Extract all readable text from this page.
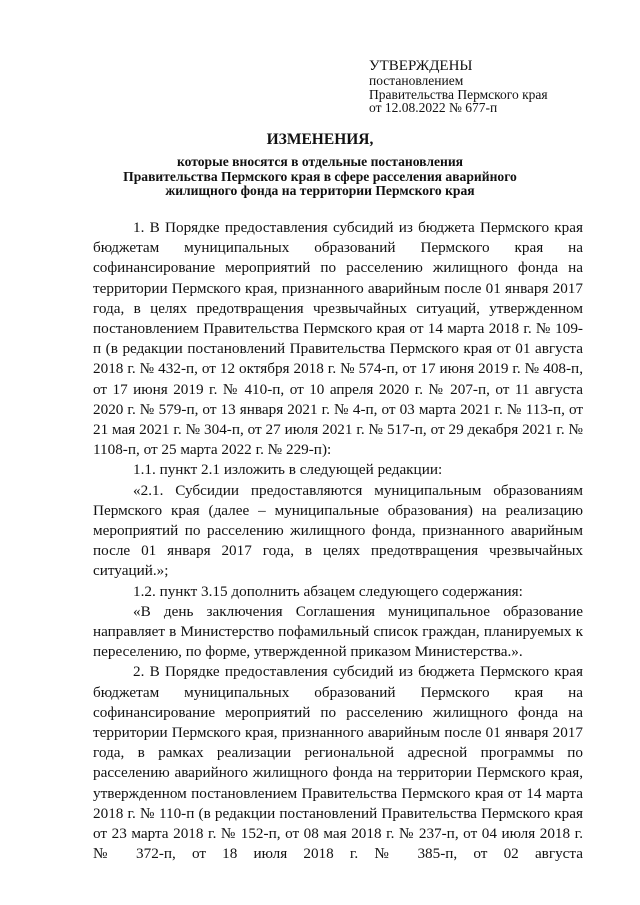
УТВЕРЖДЕНЫ
постановлением
Правительства Пермского края
от 12.08.2022 № 677-п
ИЗМЕНЕНИЯ,
которые вносятся в отдельные постановления
Правительства Пермского края в сфере расселения аварийного
жилищного фонда на территории Пермского края

1. В Порядке предоставления субсидий из бюджета Пермского края бюджетам муниципальных образований Пермского края на софинансирование мероприятий по расселению жилищного фонда на территории Пермского края, признанного аварийным после 01 января 2017 года, в целях предотвращения чрезвычайных ситуаций, утвержденном постановлением Правительства Пермского края от 14 марта 2018 г. № 109-п (в редакции постановлений Правительства Пермского края от 01 августа 2018 г. № 432-п, от 12 октября 2018 г. № 574-п, от 17 июня 2019 г. № 408-п, от 17 июня 2019 г. № 410-п, от 10 апреля 2020 г. № 207-п, от 11 августа 2020 г. № 579-п, от 13 января 2021 г. № 4-п, от 03 марта 2021 г. № 113-п, от 21 мая 2021 г. № 304-п, от 27 июля 2021 г. № 517-п, от 29 декабря 2021 г. № 1108-п, от 25 марта 2022 г. № 229-п):

1.1. пункт 2.1 изложить в следующей редакции:

«2.1. Субсидии предоставляются муниципальным образованиям Пермского края (далее – муниципальные образования) на реализацию мероприятий по расселению жилищного фонда, признанного аварийным после 01 января 2017 года, в целях предотвращения чрезвычайных ситуаций.»;

1.2. пункт 3.15 дополнить абзацем следующего содержания:

«В день заключения Соглашения муниципальное образование направляет в Министерство пофамильный список граждан, планируемых к переселению, по форме, утвержденной приказом Министерства.».

2. В Порядке предоставления субсидий из бюджета Пермского края бюджетам муниципальных образований Пермского края на софинансирование мероприятий по расселению жилищного фонда на территории Пермского края, признанного аварийным после 01 января 2017 года, в рамках реализации региональной адресной программы по расселению аварийного жилищного фонда на территории Пермского края, утвержденном постановлением Правительства Пермского края от 14 марта 2018 г. № 110-п (в редакции постановлений Правительства Пермского края от 23 марта 2018 г. № 152-п, от 08 мая 2018 г. № 237-п, от 04 июля 2018 г. № 372-п, от 18 июля 2018 г. № 385-п, от 02 августа
